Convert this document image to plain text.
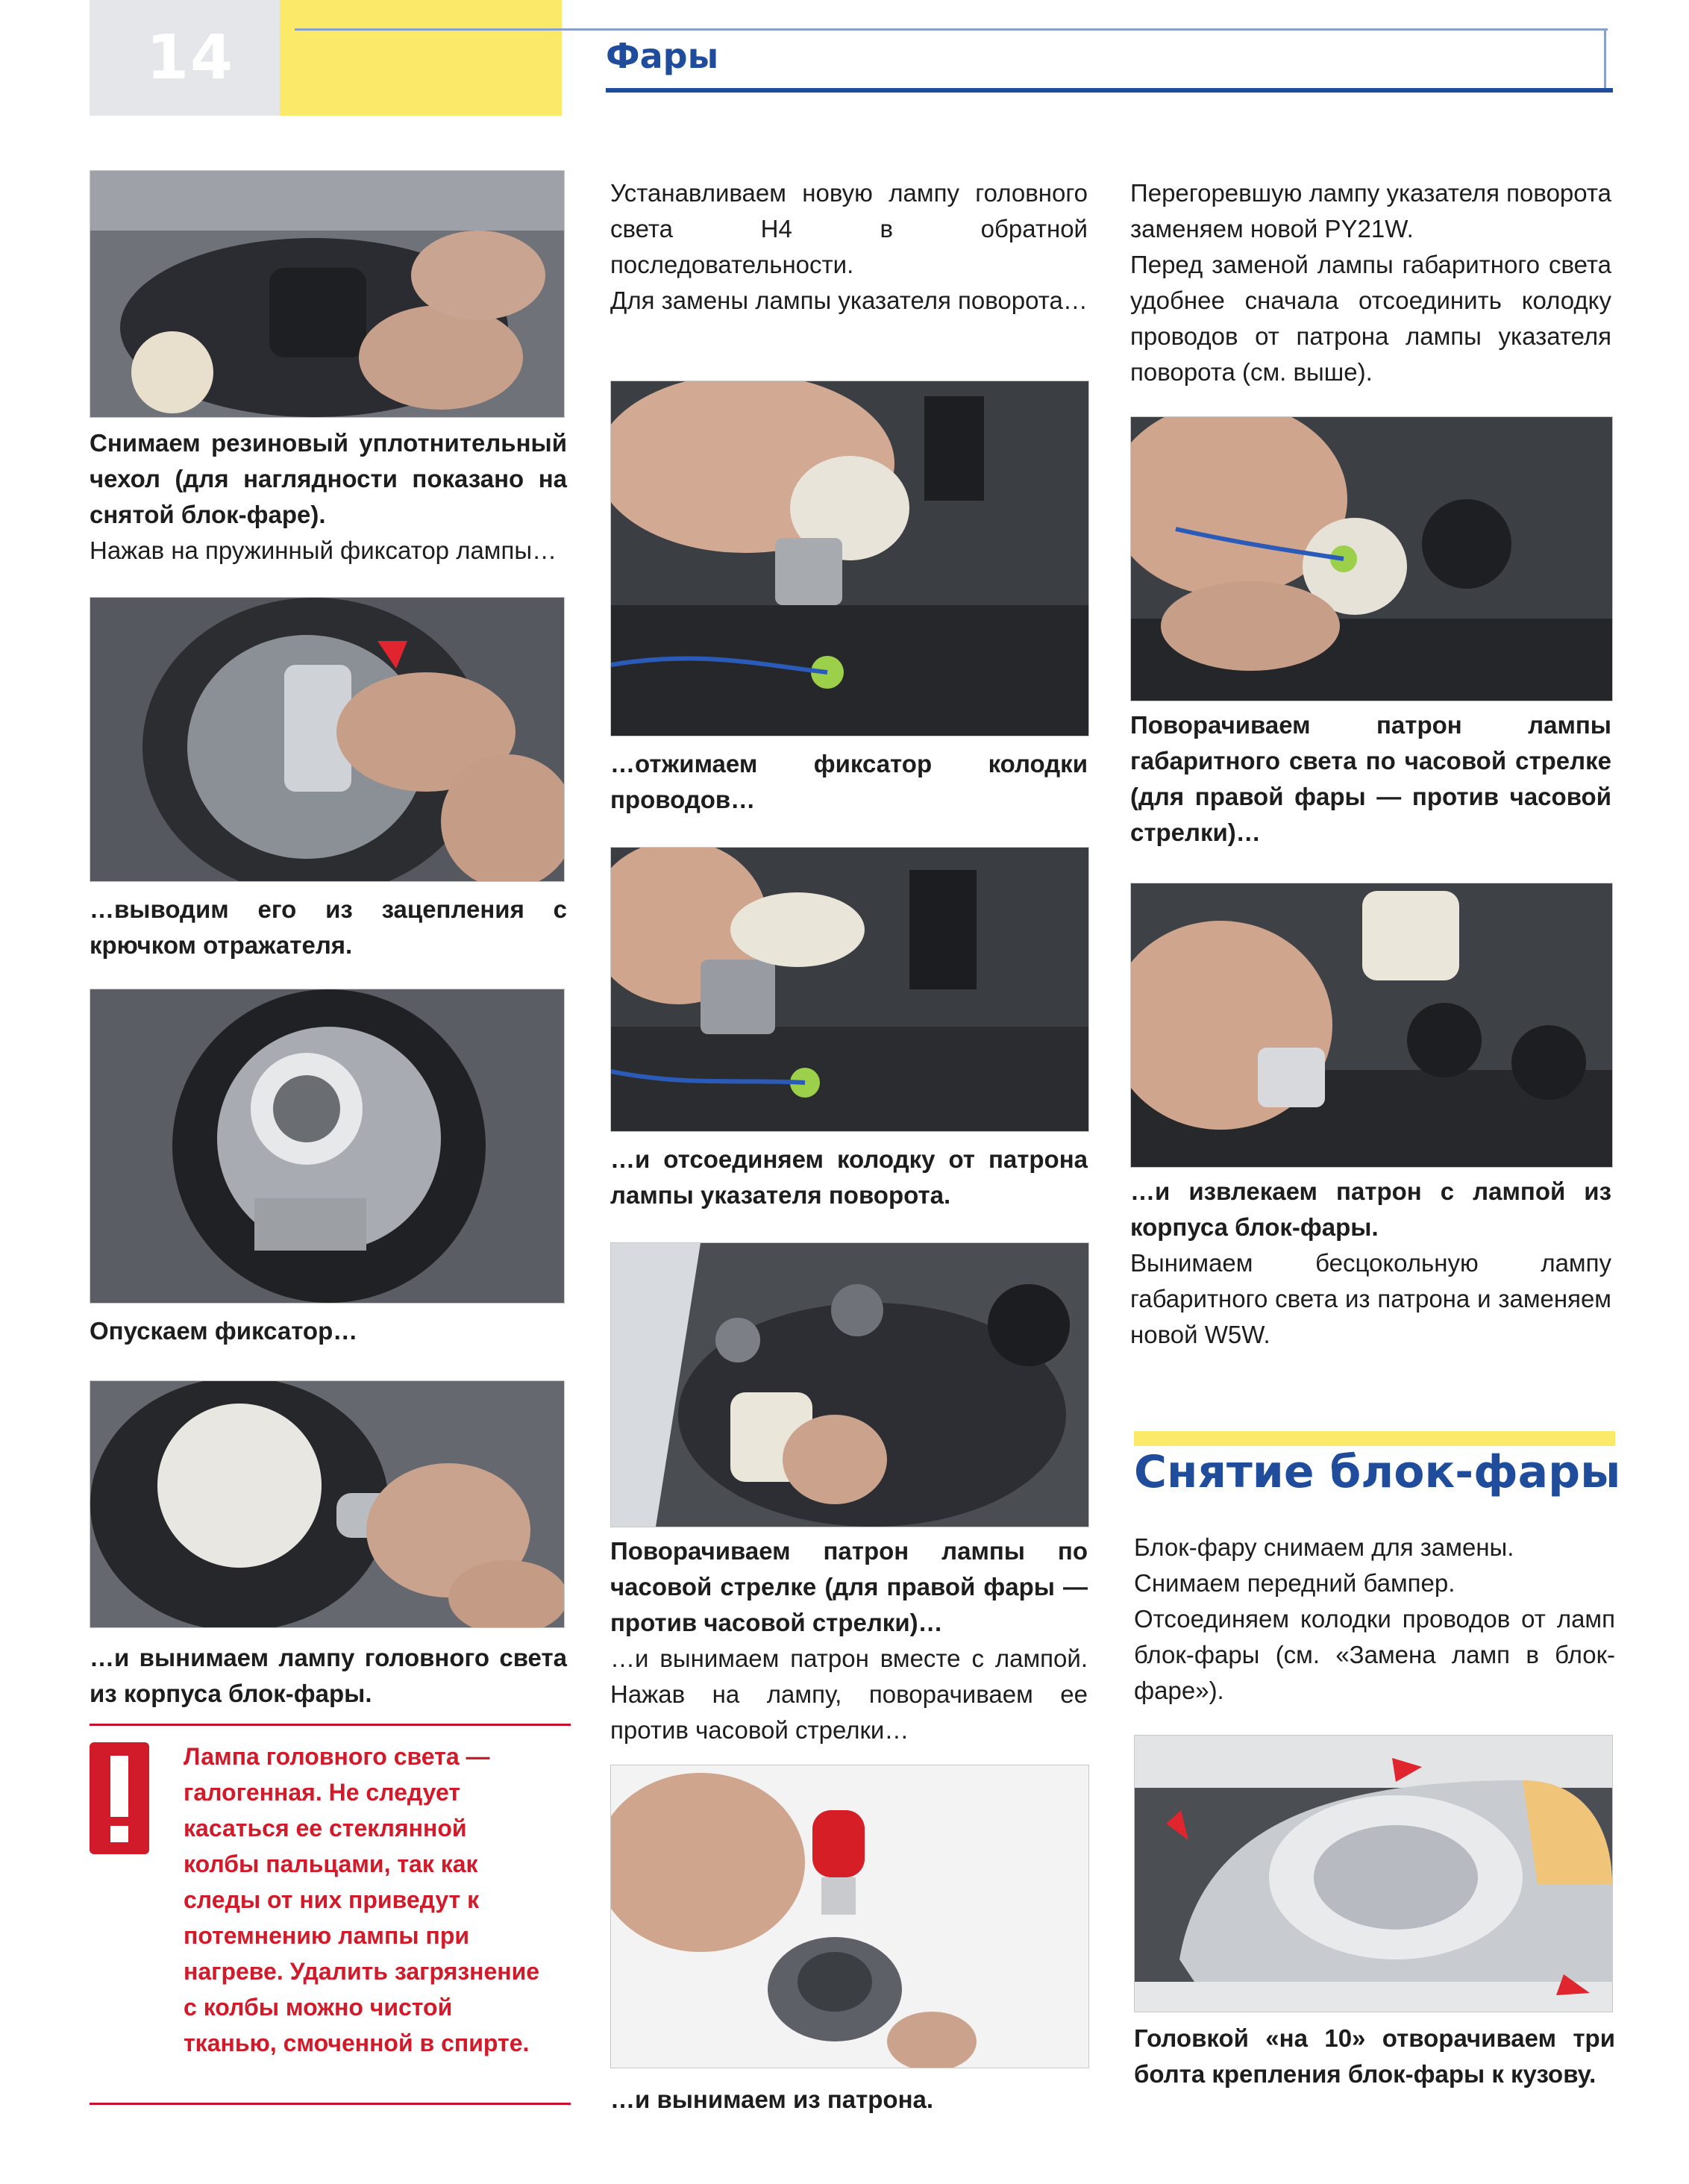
14	Фары
Снимаем резиновый уплотнительный чехол (для наглядности показано на снятой блок-фаре).
Нажав на пружинный фиксатор лампы…
…выводим его из зацепления с крючком отражателя.
Опускаем фиксатор…
…и вынимаем лампу головного света из корпуса блок-фары.
Лампа головного света — галогенная. Не следует касаться ее стеклянной колбы пальцами, так как следы от них приведут к потемнению лампы при нагреве. Удалить загрязнение с колбы можно чистой тканью, смоченной в спирте.
Устанавливаем новую лампу головного света H4 в обратной последовательности.
Для замены лампы указателя поворота…
…отжимаем фиксатор колодки проводов…
…и отсоединяем колодку от патрона лампы указателя поворота.
Поворачиваем патрон лампы по часовой стрелке (для правой фары — против часовой стрелки)…
…и вынимаем патрон вместе с лампой. Нажав на лампу, поворачиваем ее против часовой стрелки…
…и вынимаем из патрона.
Перегоревшую лампу указателя поворота заменяем новой PY21W.
Перед заменой лампы габаритного света удобнее сначала отсоединить колодку проводов от патрона лампы указателя поворота (см. выше).
Поворачиваем патрон лампы габаритного света по часовой стрелке (для правой фары — против часовой стрелки)…
…и извлекаем патрон с лампой из корпуса блок-фары.
Вынимаем бесцокольную лампу габаритного света из патрона и заменяем новой W5W.
Снятие блок-фары
Блок-фару снимаем для замены.
Снимаем передний бампер.
Отсоединяем колодки проводов от ламп блок-фары (см. «Замена ламп в блок-фаре»).
Головкой «на 10» отворачиваем три болта крепления блок-фары к кузову.
